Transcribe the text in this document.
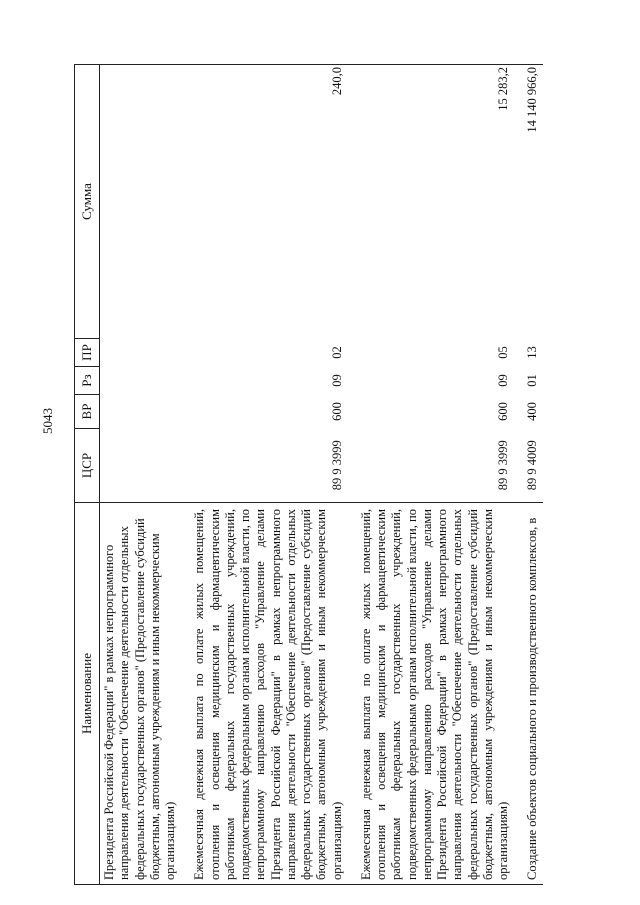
5043
Наименование	ЦСР	ВР	Рз	ПР	Сумма

Президента Российской Федерации" в рамках непрограммного направления деятельности "Обеспечение деятельности отдельных федеральных государственных органов" (Предоставление субсидий бюджетным, автономным учреждениям и иным некоммерческим организациям)					

Ежемесячная денежная выплата по оплате жилых помещений, отопления и освещения медицинским и фармацевтическим работникам федеральных государственных учреждений, подведомственных федеральным органам исполнительной власти, по непрограммному направлению расходов "Управление делами Президента Российской Федерации" в рамках непрограммного направления деятельности "Обеспечение деятельности отдельных федеральных государственных органов" (Предоставление субсидий бюджетным, автономным учреждениям и иным некоммерческим организациям)	89 9 3999	600	09	02	240,0

Ежемесячная денежная выплата по оплате жилых помещений, отопления и освещения медицинским и фармацевтическим работникам федеральных государственных учреждений, подведомственных федеральным органам исполнительной власти, по непрограммному направлению расходов "Управление делами Президента Российской Федерации" в рамках непрограммного направления деятельности "Обеспечение деятельности отдельных федеральных государственных органов" (Предоставление субсидий бюджетным, автономным учреждениям и иным некоммерческим организациям)	89 9 3999	600	09	05	15 283,2

Создание объектов социального и производственного комплексов, в	89 9 4009	400	01	13	14 140 966,0
